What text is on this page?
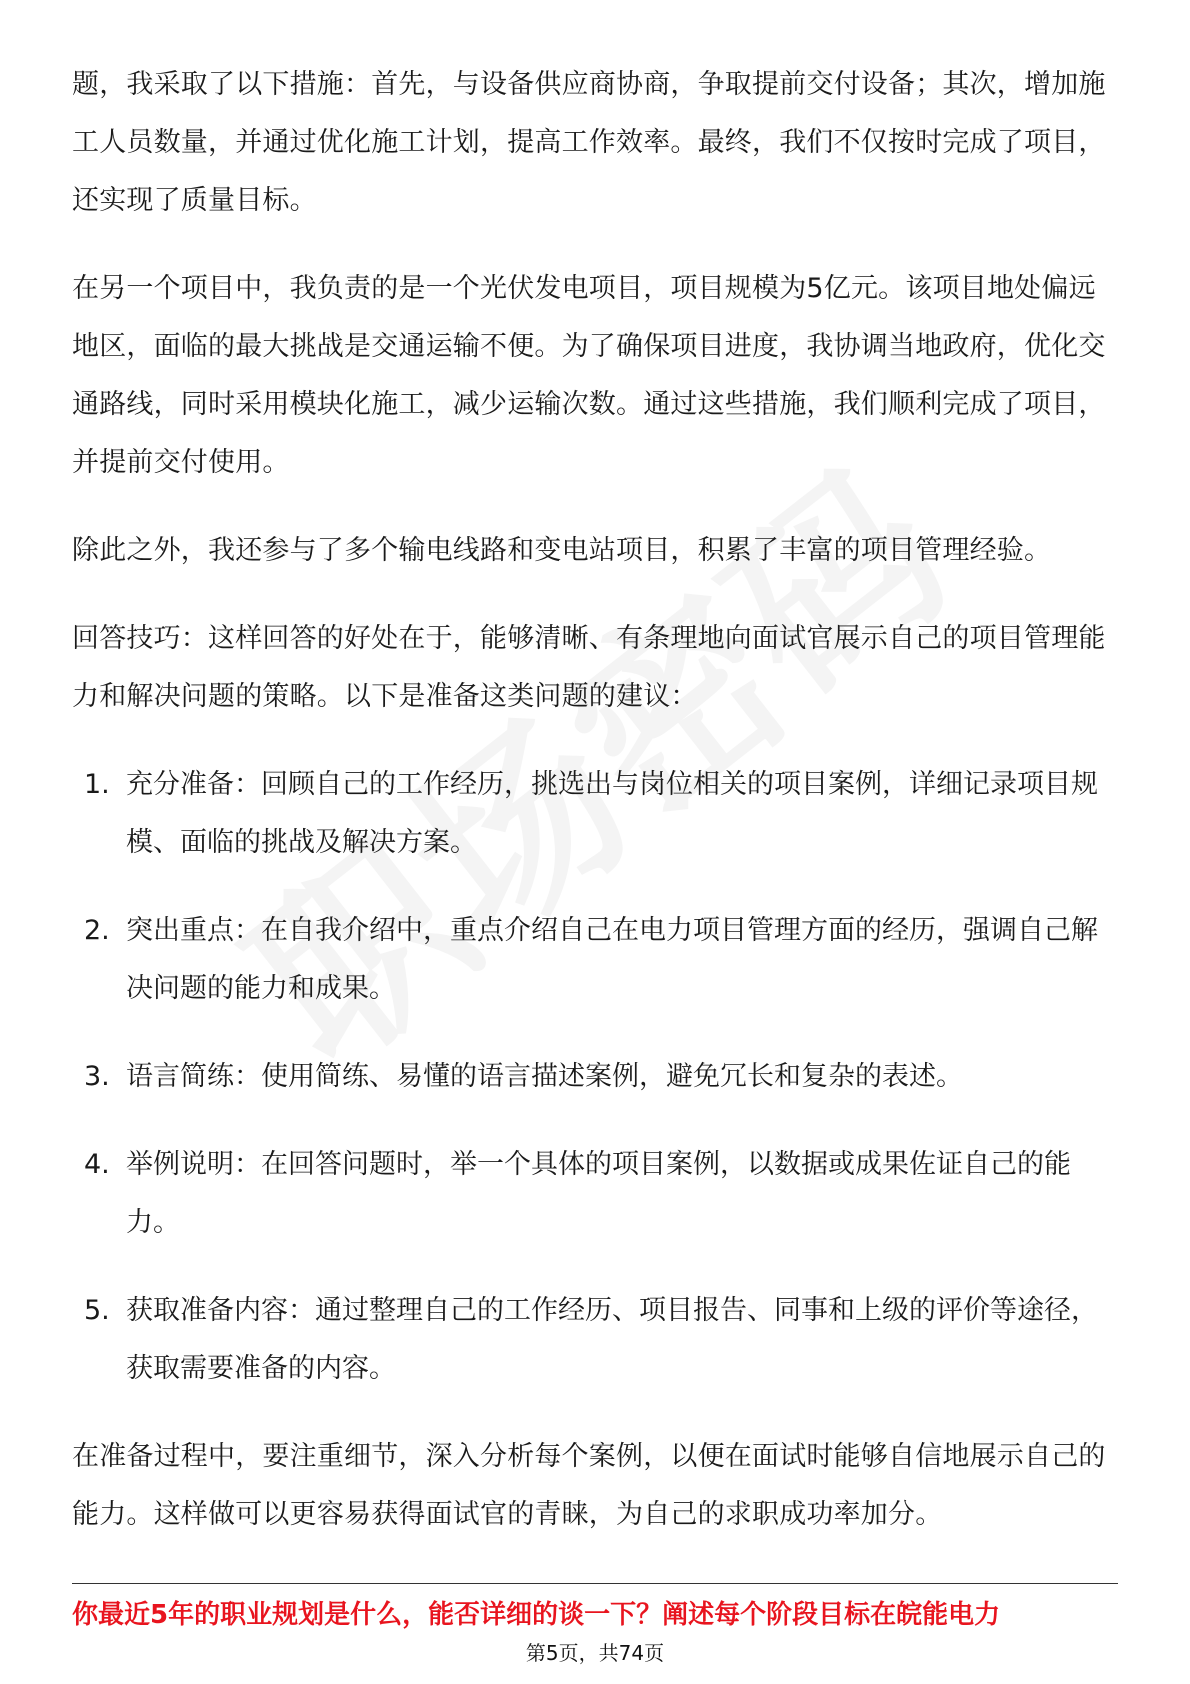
题，我采取了以下措施：首先，与设备供应商协商，争取提前交付设备；其次，增加施工人员数量，并通过优化施工计划，提高工作效率。最终，我们不仅按时完成了项目，还实现了质量目标。

在另一个项目中，我负责的是一个光伏发电项目，项目规模为5亿元。该项目地处偏远地区，面临的最大挑战是交通运输不便。为了确保项目进度，我协调当地政府，优化交通路线，同时采用模块化施工，减少运输次数。通过这些措施，我们顺利完成了项目，并提前交付使用。

除此之外，我还参与了多个输电线路和变电站项目，积累了丰富的项目管理经验。

回答技巧：这样回答的好处在于，能够清晰、有条理地向面试官展示自己的项目管理能力和解决问题的策略。以下是准备这类问题的建议：

1. 充分准备：回顾自己的工作经历，挑选出与岗位相关的项目案例，详细记录项目规模、面临的挑战及解决方案。
2. 突出重点：在自我介绍中，重点介绍自己在电力项目管理方面的经历，强调自己解决问题的能力和成果。
3. 语言简练：使用简练、易懂的语言描述案例，避免冗长和复杂的表述。
4. 举例说明：在回答问题时，举一个具体的项目案例，以数据或成果佐证自己的能力。
5. 获取准备内容：通过整理自己的工作经历、项目报告、同事和上级的评价等途径，获取需要准备的内容。

在准备过程中，要注重细节，深入分析每个案例，以便在面试时能够自信地展示自己的能力。这样做可以更容易获得面试官的青睐，为自己的求职成功率加分。

你最近5年的职业规划是什么，能否详细的谈一下？阐述每个阶段目标在皖能电力
第5页，共74页
